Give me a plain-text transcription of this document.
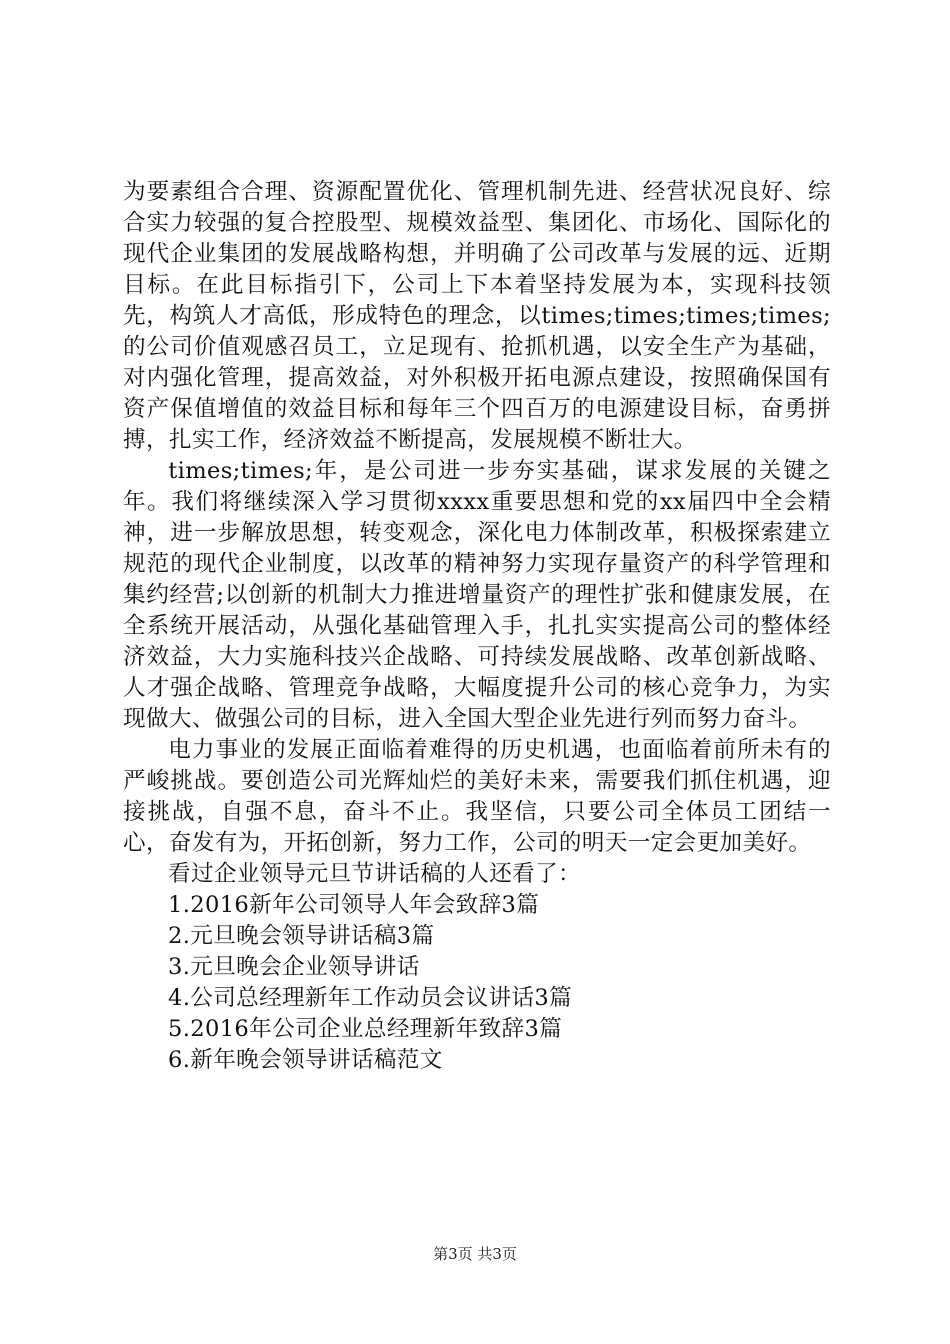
为要素组合合理、资源配置优化、管理机制先进、经营状况良好、综合实力较强的复合控股型、规模效益型、集团化、市场化、国际化的现代企业集团的发展战略构想，并明确了公司改革与发展的远、近期目标。在此目标指引下，公司上下本着坚持发展为本，实现科技领先，构筑人才高低，形成特色的理念，以times;times;times;times;的公司价值观感召员工，立足现有、抢抓机遇，以安全生产为基础，对内强化管理，提高效益，对外积极开拓电源点建设，按照确保国有资产保值增值的效益目标和每年三个四百万的电源建设目标，奋勇拼搏，扎实工作，经济效益不断提高，发展规模不断壮大。

times;times;年，是公司进一步夯实基础，谋求发展的关键之年。我们将继续深入学习贯彻xxxx重要思想和党的xx届四中全会精神，进一步解放思想，转变观念，深化电力体制改革，积极探索建立规范的现代企业制度，以改革的精神努力实现存量资产的科学管理和集约经营;以创新的机制大力推进增量资产的理性扩张和健康发展，在全系统开展活动，从强化基础管理入手，扎扎实实提高公司的整体经济效益，大力实施科技兴企战略、可持续发展战略、改革创新战略、人才强企战略、管理竞争战略，大幅度提升公司的核心竞争力，为实现做大、做强公司的目标，进入全国大型企业先进行列而努力奋斗。

电力事业的发展正面临着难得的历史机遇，也面临着前所未有的严峻挑战。要创造公司光辉灿烂的美好未来，需要我们抓住机遇，迎接挑战，自强不息，奋斗不止。我坚信，只要公司全体员工团结一心，奋发有为，开拓创新，努力工作，公司的明天一定会更加美好。

看过企业领导元旦节讲话稿的人还看了：

1.2016新年公司领导人年会致辞3篇
2.元旦晚会领导讲话稿3篇
3.元旦晚会企业领导讲话
4.公司总经理新年工作动员会议讲话3篇
5.2016年公司企业总经理新年致辞3篇
6.新年晚会领导讲话稿范文
第3页 共3页
